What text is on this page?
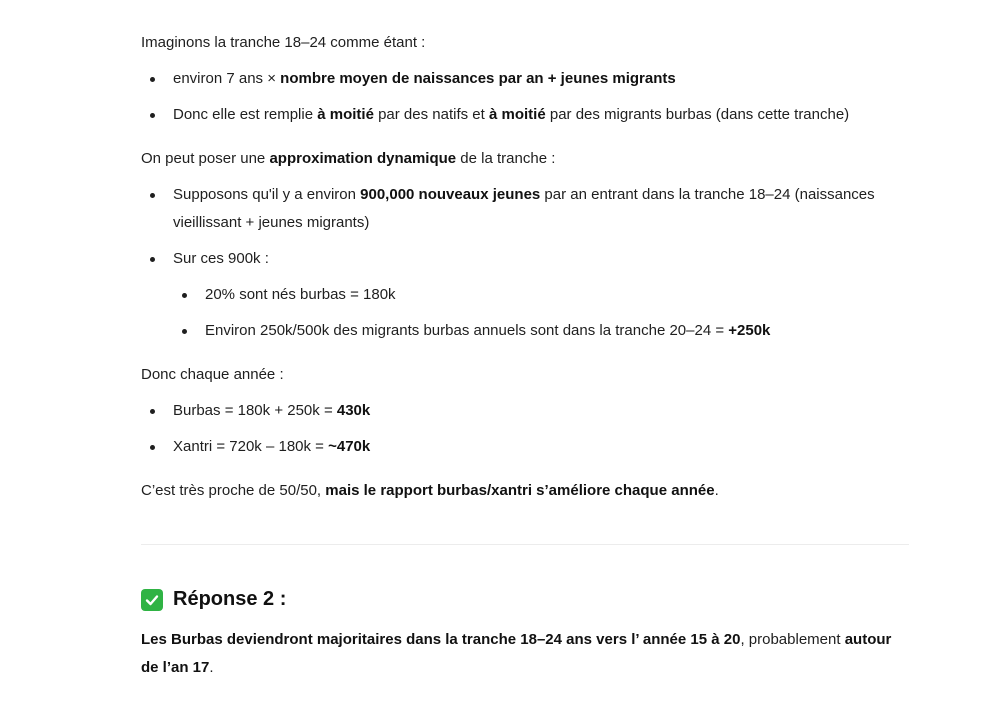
Imaginons la tranche 18–24 comme étant :

environ 7 ans × nombre moyen de naissances par an + jeunes migrants
Donc elle est remplie à moitié par des natifs et à moitié par des migrants burbas (dans cette tranche)

On peut poser une approximation dynamique de la tranche :

Supposons qu'il y a environ 900,000 nouveaux jeunes par an entrant dans la tranche 18–24 (naissances vieillissant + jeunes migrants)
Sur ces 900k :
20% sont nés burbas = 180k
Environ 250k/500k des migrants burbas annuels sont dans la tranche 20–24 = +250k

Donc chaque année :

Burbas = 180k + 250k = 430k
Xantri = 720k – 180k = ~470k

C’est très proche de 50/50, mais le rapport burbas/xantri s’améliore chaque année.

Réponse 2 :

Les Burbas deviendront majoritaires dans la tranche 18–24 ans vers l’ année 15 à 20, probablement autour de l’an 17.
